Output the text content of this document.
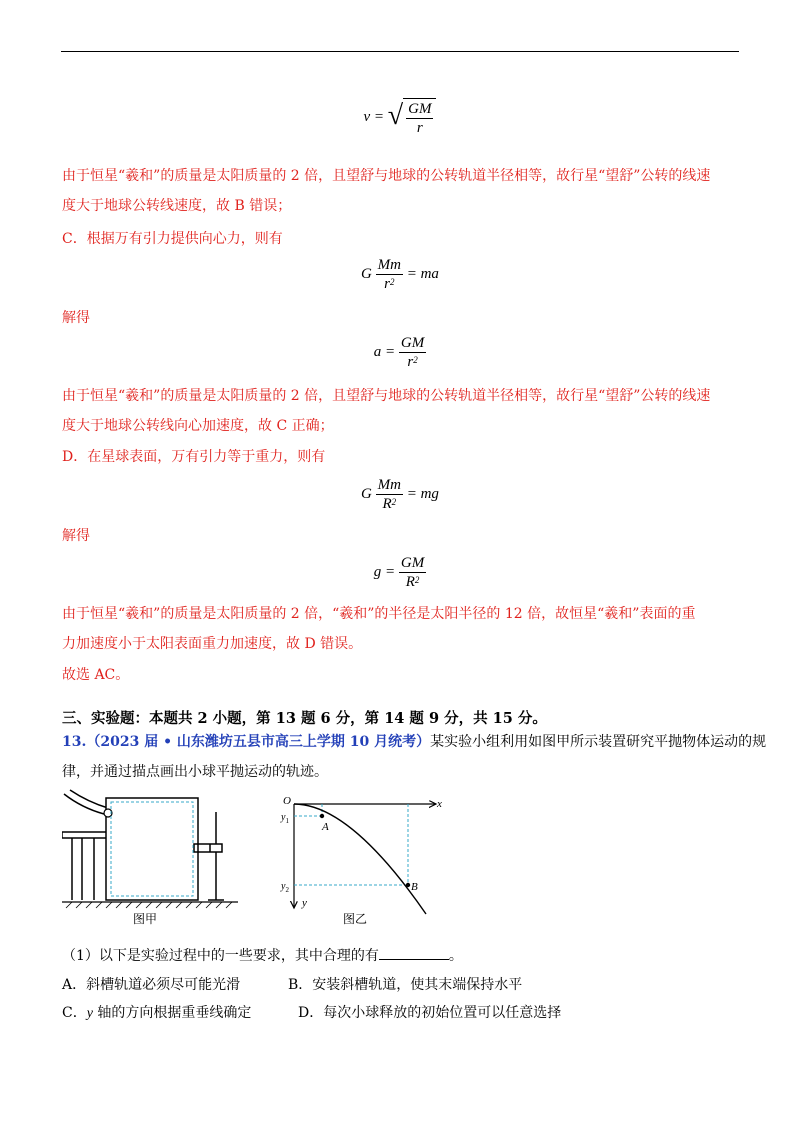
v = √ $\frac{GM}{r}$
由于恒星“羲和”的质量是太阳质量的 2 倍，且望舒与地球的公转轨道半径相等，故行星“望舒”公转的线速
度大于地球公转线速度，故 B 错误；
C．根据万有引力提供向心力，则有
G $\frac{Mm}{r^2}$ = ma
解得
$a = \frac{GM}{r^2}$
由于恒星“羲和”的质量是太阳质量的 2 倍，且望舒与地球的公转轨道半径相等，故行星“望舒”公转的线速
度大于地球公转线向心加速度，故 C 正确；
D．在星球表面，万有引力等于重力，则有
G $\frac{Mm}{R^2}$ = mg
解得
$g = \frac{GM}{R^2}$
由于恒星“羲和”的质量是太阳质量的 2 倍，“羲和”的半径是太阳半径的 12 倍，故恒星“羲和”表面的重
力加速度小于太阳表面重力加速度，故 D 错误。
故选 AC。
三、实验题：本题共 2 小题，第 13 题 6 分，第 14 题 9 分，共 15 分。
13.（2023 届 • 山东潍坊五县市高三上学期 10 月统考）某实验小组利用如图甲所示装置研究平抛物体运动的规
律，并通过描点画出小球平抛运动的轨迹。
图甲
O	x
y
$y_1$
$y_2$
A
B
图乙
（1）以下是实验过程中的一些要求，其中合理的有	。
A．斜槽轨道必须尽可能光滑	B．安装斜槽轨道，使其末端保持水平
C．y 轴的方向根据重垂线确定	D．每次小球释放的初始位置可以任意选择
